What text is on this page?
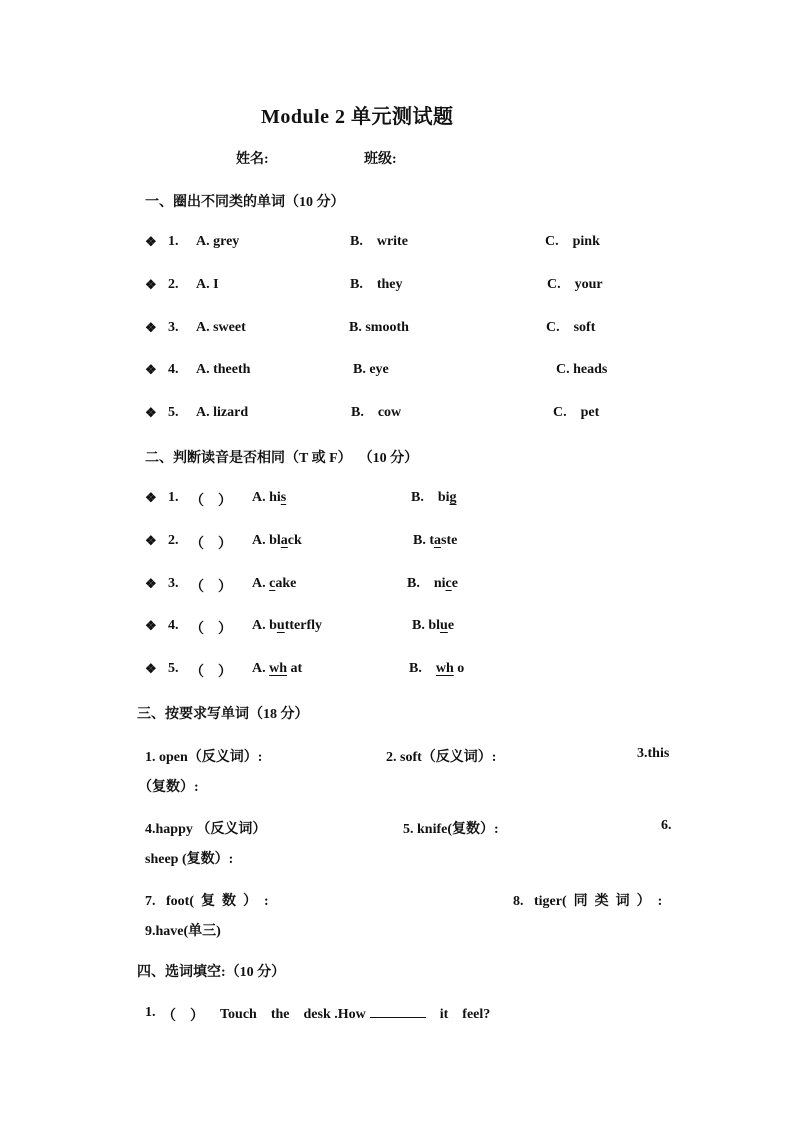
Module 2 单元测试题
姓名:	班级:
一、圈出不同类的单词（10 分）
❖ 1. A. grey	B.    write	C.    pink
❖ 2. A. I	B.    they	C.    your
❖ 3. A. sweet	B. smooth	C.    soft
❖ 4. A. theeth	B. eye	C. heads
❖ 5. A. lizard	B.    cow	C.    pet
二、判断读音是否相同（T 或 F）  （10 分）
❖ 1. （    ） A. his	B.    big
❖ 2. （    ） A. black	B. taste
❖ 3. （    ） A. cake	B.    nice
❖ 4. （    ） A. butterfly	B. blue
❖ 5. （    ） A. wh at	B.    wh o
三、按要求写单词（18 分）
1. open（反义词）:	2. soft（反义词）:	3.this
（复数）:
4.happy （反义词）	5. knife(复数）:	6.
sheep (复数）:
7.   foot(  复  数  ）  :	8.   tiger(  同  类  词  ）  :
9.have(单三)
四、选词填空:（10 分）
1. （    ） Touch    the    desk .How	it    feel?
